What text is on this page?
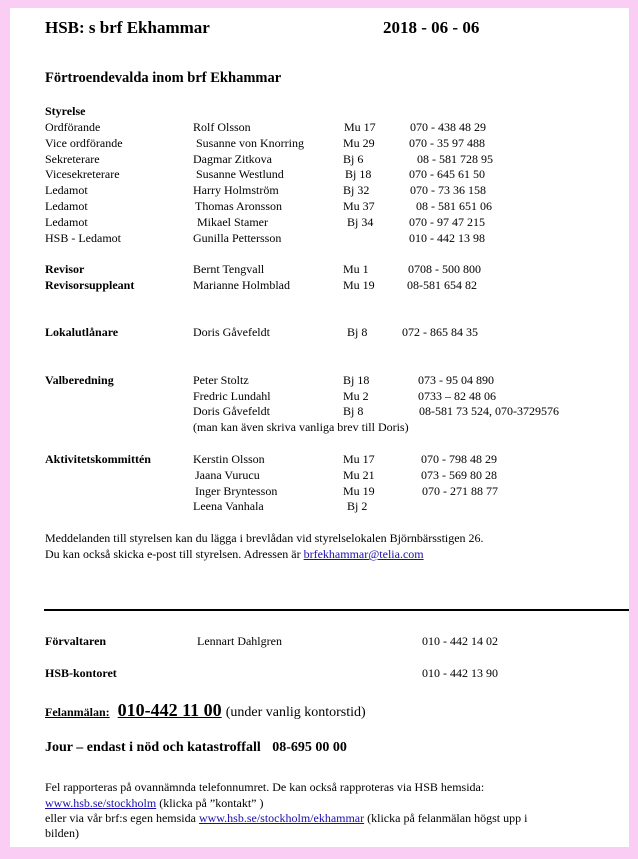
HSB: s brf Ekhammar	2018 - 06 - 06
Förtroendevalda inom brf Ekhammar
Styrelse
Ordförande	Rolf Olsson	Mu 17	070 - 438 48 29
Vice ordförande	Susanne von Knorring	Mu 29	070 - 35 97 488
Sekreterare	Dagmar Zitkova	Bj 6	08 - 581 728 95
Vicesekreterare	Susanne Westlund	Bj 18	070 - 645 61 50
Ledamot	Harry Holmström	Bj 32	070 - 73 36 158
Ledamot	Thomas Aronsson	Mu 37	08 - 581 651 06
Ledamot	Mikael Stamer	Bj 34	070 - 97 47 215
HSB - Ledamot	Gunilla Pettersson	010 - 442 13 98
Revisor	Bernt Tengvall	Mu 1	0708 - 500 800
Revisorsuppleant	Marianne Holmblad	Mu 19	08-581 654 82
Lokalutlånare	Doris Gåvefeldt	Bj 8	072 - 865 84 35
Valberedning	Peter Stoltz	Bj 18	073 - 95 04 890
Fredric Lundahl	Mu 2	0733 – 82 48 06
Doris Gåvefeldt	Bj 8	08-581 73 524, 070-3729576
(man kan även skriva vanliga brev till Doris)
Aktivitetskommittén	Kerstin Olsson	Mu 17	070 - 798 48 29
Jaana Vurucu	Mu 21	073 - 569 80 28
Inger Bryntesson	Mu 19	070 - 271 88 77
Leena Vanhala	Bj 2
Meddelanden till styrelsen kan du lägga i brevlådan vid styrelselokalen Björnbärsstigen 26.
Du kan också skicka e-post till styrelsen. Adressen är brfekhammar@telia.com
Förvaltaren	Lennart Dahlgren	010 - 442 14 02
HSB-kontoret	010 - 442 13 90
Felanmälan: 010-442 11 00 (under vanlig kontorstid)
Jour – endast i nöd och katastroffall 08-695 00 00
Fel rapporteras på ovannämnda telefonnumret. De kan också rapproteras via HSB hemsida:
www.hsb.se/stockholm (klicka på ”kontakt” )
eller via vår brf:s egen hemsida www.hsb.se/stockholm/ekhammar (klicka på felanmälan högst upp i
bilden)
